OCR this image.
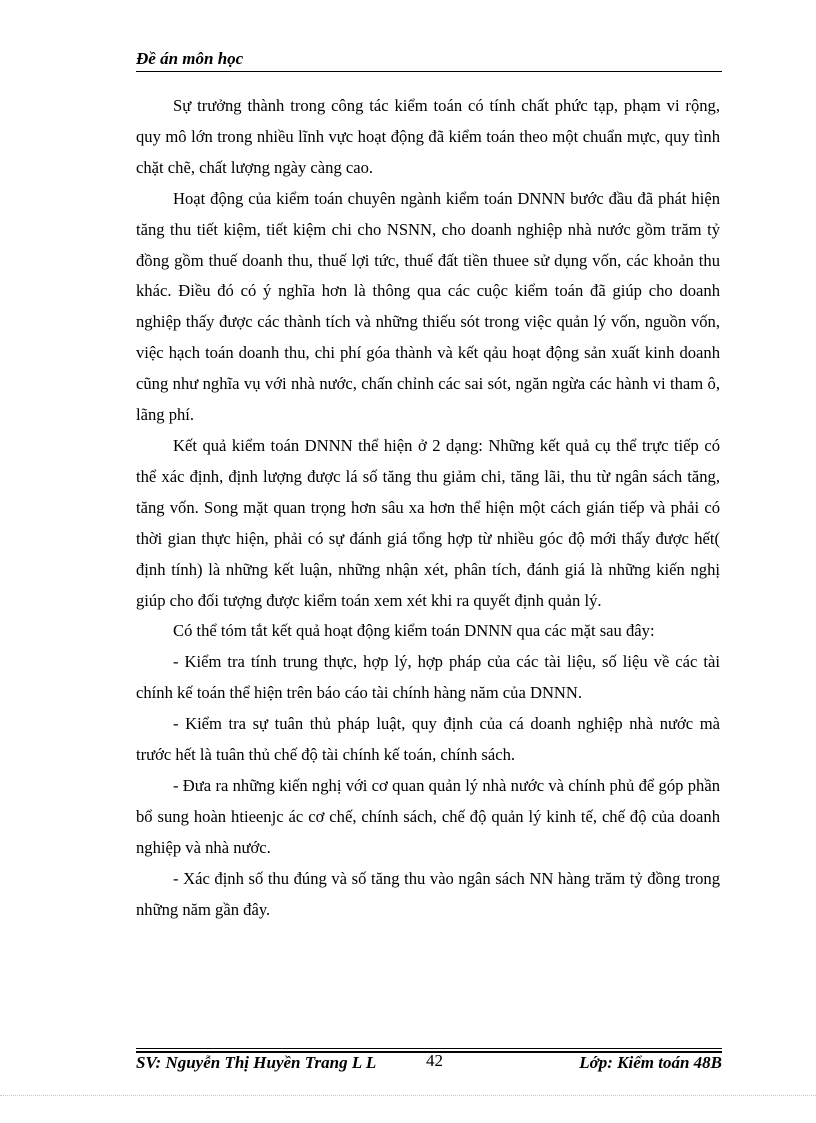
Đề án môn học

Sự trưởng thành trong công tác kiểm toán có tính chất phức tạp, phạm vi rộng, quy mô lớn trong nhiều lĩnh vực hoạt động đã kiểm toán theo một chuẩn mực, quy tình chặt chẽ, chất lượng ngày càng cao.

Hoạt động của kiểm toán chuyên ngành kiểm toán DNNN bước đầu đã phát hiện tăng thu tiết kiệm, tiết kiệm chi cho NSNN, cho doanh nghiệp nhà nước gồm trăm tỷ đồng gồm thuế doanh thu, thuế lợi tức, thuế đất tiền thuee sử dụng vốn, các khoản thu khác. Điều đó có ý nghĩa hơn là thông qua các cuộc kiểm toán đã giúp cho doanh nghiệp thấy được các thành tích và những thiếu sót trong việc quản lý vốn, nguồn vốn, việc hạch toán doanh thu, chi phí góa thành và kết qảu hoạt động sản xuất kinh doanh cũng như nghĩa vụ với nhà nước, chấn chỉnh các sai sót, ngăn ngừa các hành vi tham ô, lãng phí.

Kết quả kiểm toán DNNN thể hiện ở 2 dạng: Những kết quả cụ thể trực tiếp có thể xác định, định lượng được lá số tăng thu giảm chi, tăng lãi, thu từ ngân sách tăng, tăng vốn. Song mặt quan trọng hơn sâu xa hơn thể hiện một cách gián tiếp và phải có thời gian thực hiện, phải có sự đánh giá tổng hợp từ nhiều góc độ mới thấy được hết( định tính) là những kết luận, những nhận xét, phân tích, đánh giá là những kiến nghị giúp cho đối tượng được kiểm toán xem xét khi ra quyết định quản lý.

Có thể tóm tắt kết quả hoạt động kiểm toán DNNN qua các mặt sau đây:

- Kiểm tra tính trung thực, hợp lý, hợp pháp của các tài liệu, số liệu về các tài chính kế toán thể hiện trên báo cáo tài chính hàng năm của DNNN.

- Kiểm tra sự tuân thủ pháp luật, quy định của cá doanh nghiệp nhà nước mà trước hết là tuân thủ chế độ tài chính kế toán, chính sách.

- Đưa ra những kiến nghị với cơ quan quản lý nhà nước và chính phủ để góp phần bổ sung hoàn htieenjc ác cơ chế, chính sách, chế độ quản lý kinh tế, chế độ của doanh nghiệp và nhà nước.

- Xác định số thu đúng và số tăng thu vào ngân sách NN hàng trăm tỷ đồng trong những năm gần đây.

SV: Nguyễn Thị Huyền Trang L L	42	Lớp: Kiểm toán 48B
